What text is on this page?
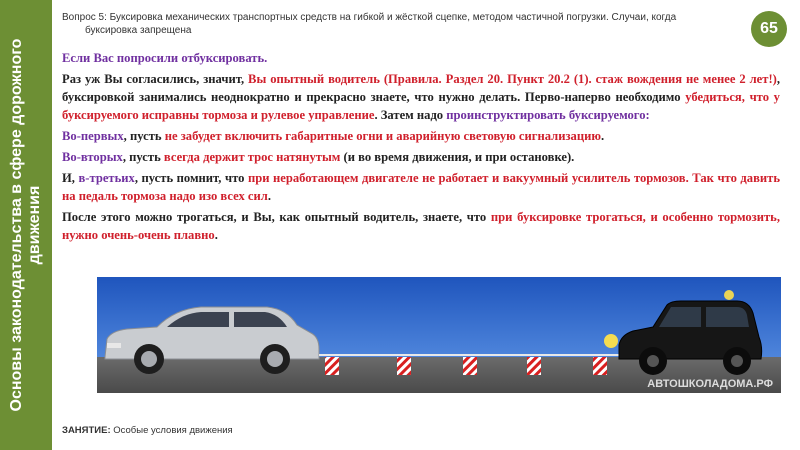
Основы законодательства в сфере дорожного движения
Вопрос 5: Буксировка механических транспортных средств на гибкой и жёсткой сцепке, методом частичной погрузки. Случаи, когда
буксировка запрещена	65

Если Вас попросили отбуксировать.

Раз уж Вы согласились, значит, Вы опытный водитель (Правила. Раздел 20. Пункт 20.2 (1). стаж вождения не менее 2 лет!), буксировкой занимались неоднократно и прекрасно знаете, что нужно делать. Перво-наперво необходимо убедиться, что у буксируемого исправны тормоза и рулевое управление. Затем надо проинструктировать буксируемого:

Во-первых, пусть не забудет включить габаритные огни и аварийную световую сигнализацию.

Во-вторых, пусть всегда держит трос натянутым (и во время движения, и при остановке).

И, в-третьих, пусть помнит, что при неработающем двигателе не работает и вакуумный усилитель тормозов. Так что давить на педаль тормоза надо изо всех сил.

После этого можно трогаться, и Вы, как опытный водитель, знаете, что при буксировке трогаться, и особенно тормозить, нужно очень-очень плавно.

АВТОШКОЛАДОМА.РФ
ЗАНЯТИЕ: Особые условия движения
